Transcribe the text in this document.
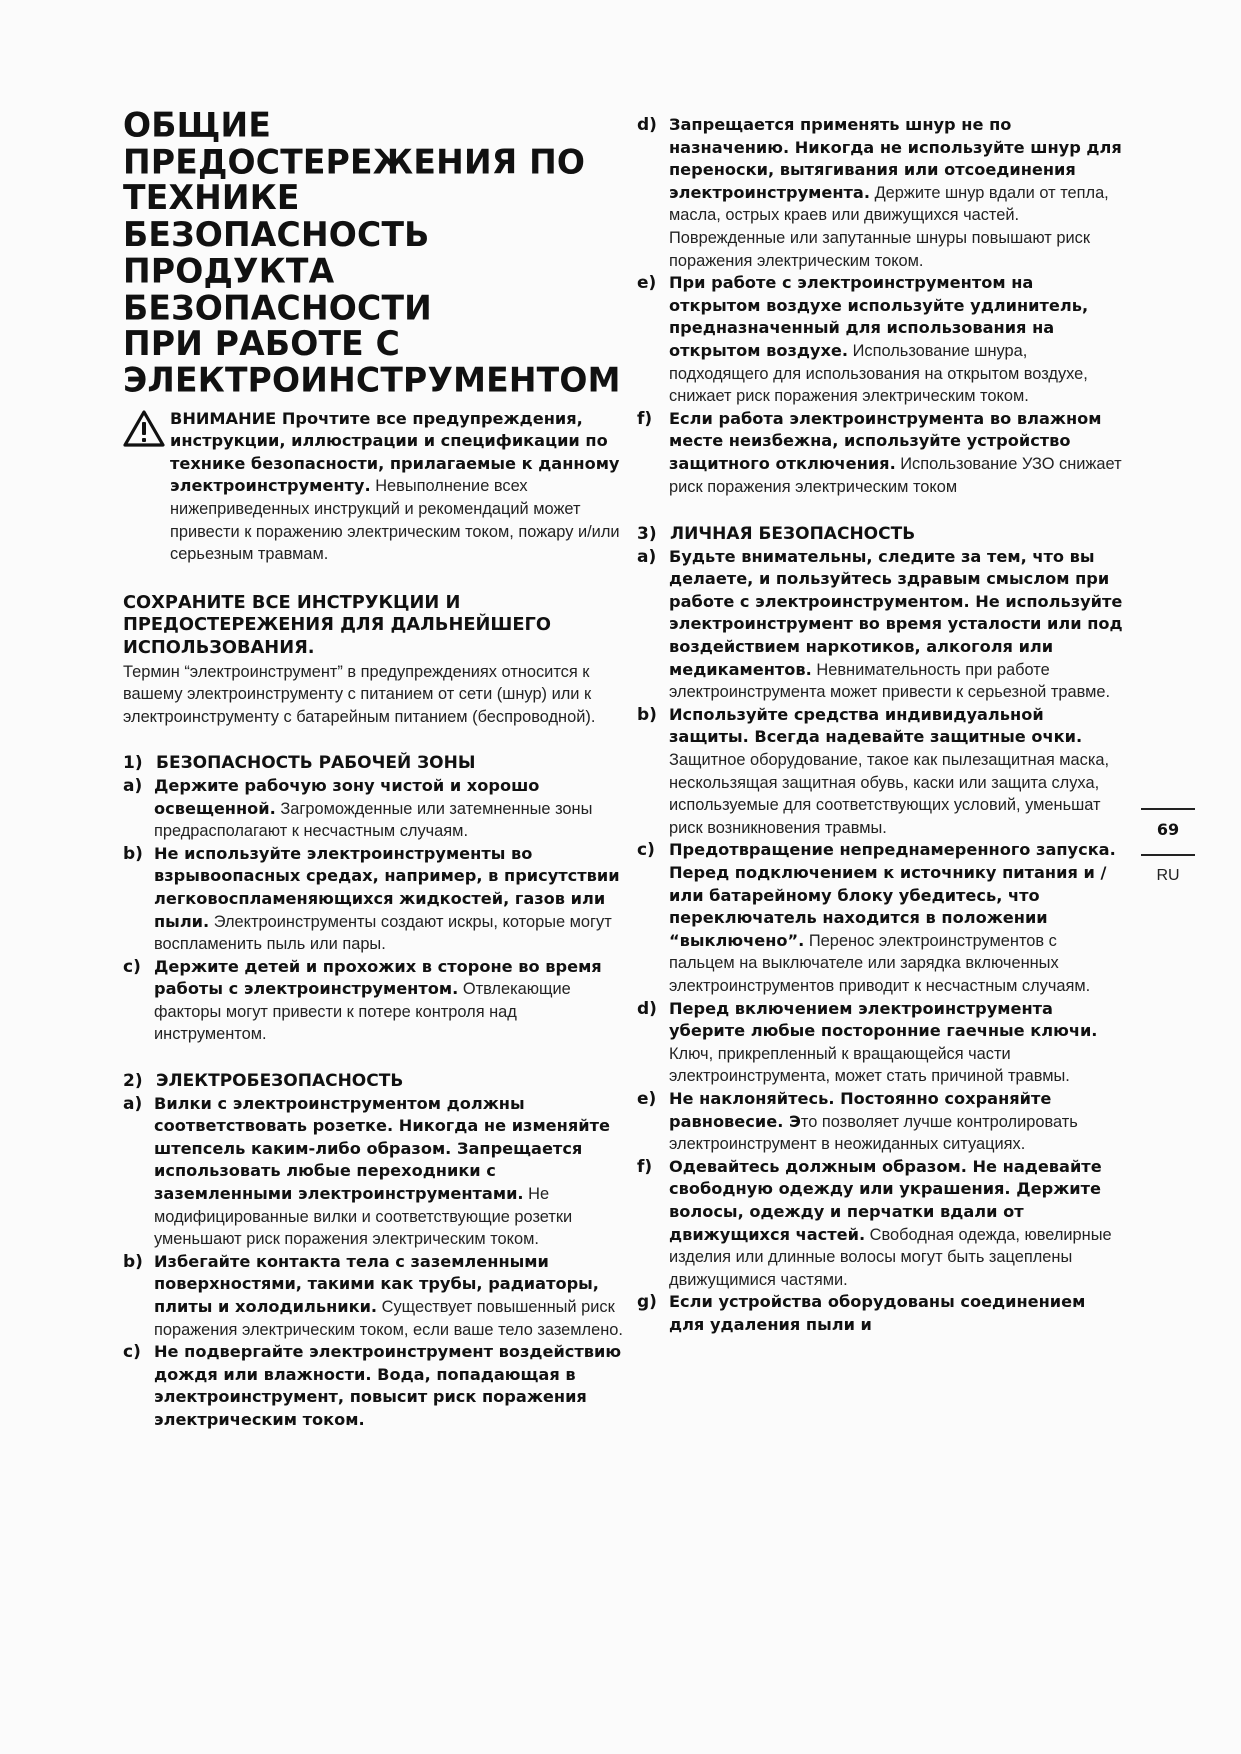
ОБЩИЕ
ПРЕДОСТЕРЕЖЕНИЯ ПО
ТЕХНИКЕ
БЕЗОПАСНОСТЬ
ПРОДУКТА
БЕЗОПАСНОСТИ
ПРИ РАБОТЕ С
ЭЛЕКТРОИНСТРУМЕНТОМ
ВНИМАНИЕ Прочтите все предупреждения, инструкции, иллюстрации и спецификации по технике безопасности, прилагаемые к данному электроинструменту. Невыполнение всех нижеприведенных инструкций и рекомендаций может привести к поражению электрическим током, пожару и/или серьезным травмам.
СОХРАНИТЕ ВСЕ ИНСТРУКЦИИ И ПРЕДОСТЕРЕЖЕНИЯ ДЛЯ ДАЛЬНЕЙШЕГО ИСПОЛЬЗОВАНИЯ.
Термин “электроинструмент” в предупреждениях относится к вашему электроинструменту с питанием от сети (шнур) или к электроинструменту с батарейным питанием (беспроводной).
1) БЕЗОПАСНОСТЬ РАБОЧЕЙ ЗОНЫ
a) Держите рабочую зону чистой и хорошо освещенной. Загроможденные или затемненные зоны предрасполагают к несчастным случаям.
b) Не используйте электроинструменты во взрывоопасных средах, например, в присутствии легковоспламеняющихся жидкостей, газов или пыли. Электроинструменты создают искры, которые могут воспламенить пыль или пары.
c) Держите детей и прохожих в стороне во время работы с электроинструментом. Отвлекающие факторы могут привести к потере контроля над инструментом.
2) ЭЛЕКТРОБЕЗОПАСНОСТЬ
a) Вилки с электроинструментом должны соответствовать розетке. Никогда не изменяйте штепсель каким-либо образом. Запрещается использовать любые переходники с заземленными электроинструментами. Не модифицированные вилки и соответствующие розетки уменьшают риск поражения электрическим током.
b) Избегайте контакта тела с заземленными поверхностями, такими как трубы, радиаторы, плиты и холодильники. Существует повышенный риск поражения электрическим током, если ваше тело заземлено.
c) Не подвергайте электроинструмент воздействию дождя или влажности. Вода, попадающая в электроинструмент, повысит риск поражения электрическим током.
d) Запрещается применять шнур не по назначению. Никогда не используйте шнур для переноски, вытягивания или отсоединения электроинструмента. Держите шнур вдали от тепла, масла, острых краев или движущихся частей. Поврежденные или запутанные шнуры повышают риск поражения электрическим током.
e) При работе с электроинструментом на открытом воздухе используйте удлинитель, предназначенный для использования на открытом воздухе. Использование шнура, подходящего для использования на открытом воздухе, снижает риск поражения электрическим током.
f)	Если работа электроинструмента во влажном месте неизбежна, используйте устройство защитного отключения. Использование УЗО снижает риск поражения электрическим током
3) ЛИЧНАЯ БЕЗОПАСНОСТЬ
a) Будьте внимательны, следите за тем, что вы делаете, и пользуйтесь здравым смыслом при работе с электроинструментом. Не используйте электроинструмент во время усталости или под воздействием наркотиков, алкоголя или медикаментов. Невнимательность при работе электроинструмента может привести к серьезной травме.
b) Используйте средства индивидуальной защиты. Всегда надевайте защитные очки. Защитное оборудование, такое как пылезащитная маска, нескользящая защитная обувь, каски или защита слуха, используемые для соответствующих условий, уменьшат риск возникновения травмы.
c) Предотвращение непреднамеренного запуска. Перед подключением к источнику питания и / или батарейному блоку убедитесь, что переключатель находится в положении “выключено”. Перенос электроинструментов с пальцем на выключателе или зарядка включенных электроинструментов приводит к несчастным случаям.
d) Перед включением электроинструмента уберите любые посторонние гаечные ключи. Ключ, прикрепленный к вращающейся части электроинструмента, может стать причиной травмы.
e) Не наклоняйтесь. Постоянно сохраняйте равновесие. Это позволяет лучше контролировать электроинструмент в неожиданных ситуациях.
f)	Одевайтесь должным образом. Не надевайте свободную одежду или украшения. Держите волосы, одежду и перчатки вдали от движущихся частей. Свободная одежда, ювелирные изделия или длинные волосы могут быть зацеплены движущимися частями.
g) Если устройства оборудованы соединением для удаления пыли и
69
RU
